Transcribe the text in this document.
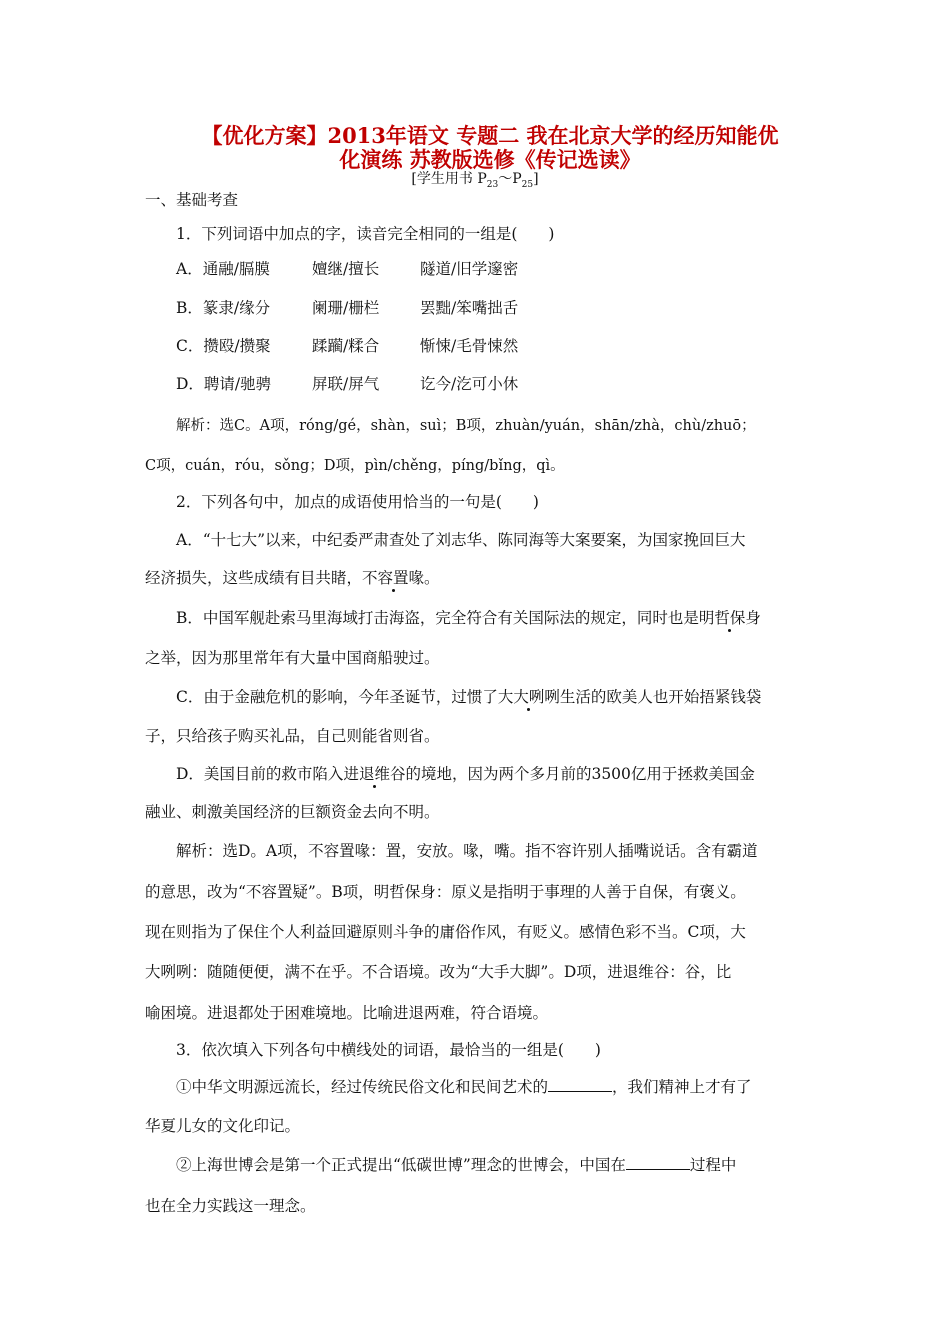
【优化方案】2013年语文 专题二 我在北京大学的经历知能优
化演练 苏教版选修《传记选读》
[学生用书 $P_{23}\sim P_{25}$]
一、基础考查
1．下列词语中加点的字，读音完全相同的一组是(　　)
A．通融/膈膜	嬗继/擅长	隧道/旧学邃密
B．篆隶/缘分	阑珊/栅栏	罢黜/笨嘴拙舌
C．攒殴/攒聚	蹂躏/糅合	惭悚/毛骨悚然
D．聘请/驰骋	屏联/屏气	讫今/汔可小休
解析：选C。A项，róng/gé，shàn，suì；B项，zhuàn/yuán，shān/zhà，chù/zhuō；
C项，cuán，róu，sǒng；D项，pìn/chěng，píng/bǐng，qì。
2．下列各句中，加点的成语使用恰当的一句是(　　)
A．“十七大”以来，中纪委严肃查处了刘志华、陈同海等大案要案，为国家挽回巨大
经济损失，这些成绩有目共睹，不容置喙。
B．中国军舰赴索马里海域打击海盗，完全符合有关国际法的规定，同时也是明哲保身
之举，因为那里常年有大量中国商船驶过。
C．由于金融危机的影响，今年圣诞节，过惯了大大咧咧生活的欧美人也开始捂紧钱袋
子，只给孩子购买礼品，自己则能省则省。
D．美国目前的救市陷入进退维谷的境地，因为两个多月前的3500亿用于拯救美国金
融业、刺激美国经济的巨额资金去向不明。
解析：选D。A项，不容置喙：置，安放。喙，嘴。指不容许别人插嘴说话。含有霸道
的意思，改为“不容置疑”。B项，明哲保身：原义是指明于事理的人善于自保，有褒义。
现在则指为了保住个人利益回避原则斗争的庸俗作风，有贬义。感情色彩不当。C项，大
大咧咧：随随便便，满不在乎。不合语境。改为“大手大脚”。D项，进退维谷：谷，比
喻困境。进退都处于困难境地。比喻进退两难，符合语境。
3．依次填入下列各句中横线处的词语，最恰当的一组是(　　)
①中华文明源远流长，经过传统民俗文化和民间艺术的	，我们精神上才有了
华夏儿女的文化印记。
②上海世博会是第一个正式提出“低碳世博”理念的世博会，中国在	过程中
也在全力实践这一理念。
